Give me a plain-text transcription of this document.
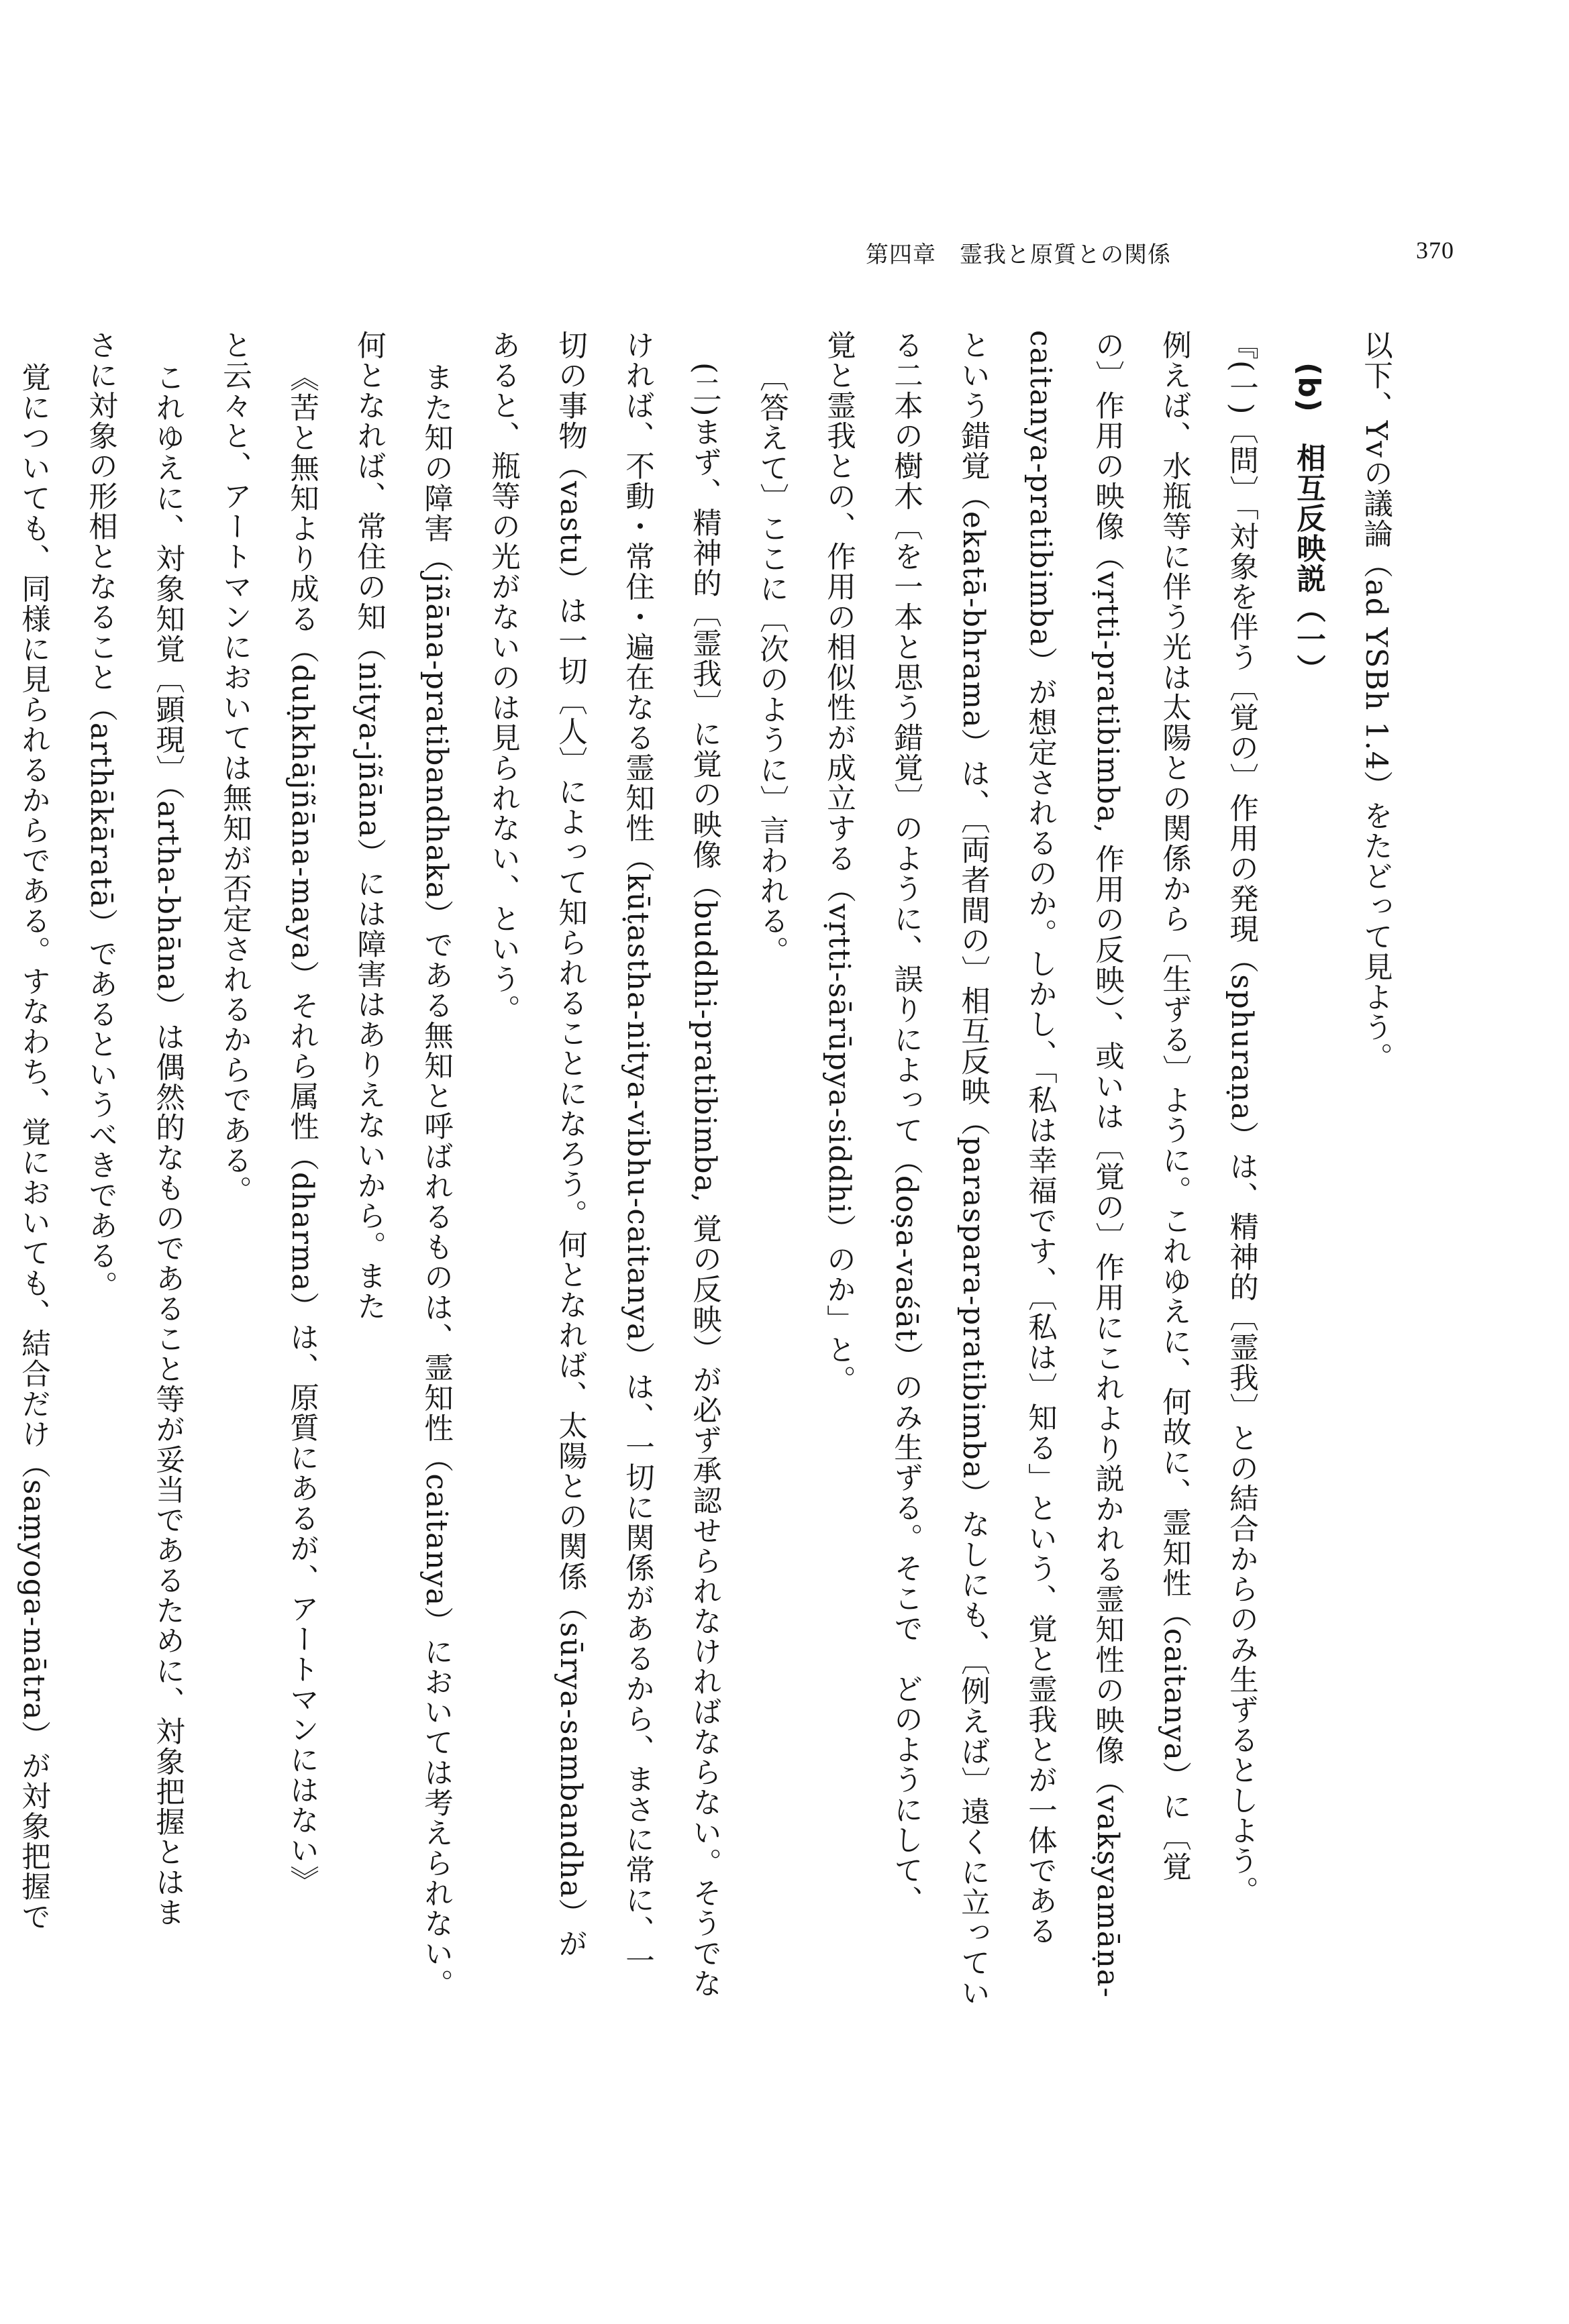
第四章　霊我と原質との関係	370
以下、Yvの議論（ad YSBh 1.4）をたどって見よう。
(b)　相互反映説（一）
『(一)〔問〕「対象を伴う〔覚の〕作用の発現（sphuraṇa）は、精神的〔霊我〕との結合からのみ生ずるとしよう。
例えば、水瓶等に伴う光は太陽との関係から〔生ずる〕ように。これゆえに、何故に、霊知性（caitanya）に〔覚
の〕作用の映像（vṛtti-pratibimba, 作用の反映）、或いは〔覚の〕作用にこれより説かれる霊知性の映像（vakṣyamāṇa-
caitanya-pratibimba）が想定されるのか。しかし、「私は幸福です、〔私は〕知る」という、覚と霊我とが一体である
という錯覚（ekatā-bhrama）は、〔両者間の〕相互反映（paraspara-pratibimba）なしにも、〔例えば〕遠くに立ってい
る二本の樹木〔を一本と思う錯覚〕のように、誤りによって（doṣa-vaśāt）のみ生ずる。そこで　どのようにして、
覚と霊我との、作用の相似性が成立する（vṛtti-sārūpya-siddhi）のか」と。
〔答えて〕ここに〔次のように〕言われる。
(二)まず、精神的〔霊我〕に覚の映像（buddhi-pratibimba, 覚の反映）が必ず承認せられなければならない。そうでな
ければ、不動・常住・遍在なる霊知性（kūṭastha-nitya-vibhu-caitanya）は、一切に関係があるから、まさに常に、一
切の事物（vastu）は一切〔人〕によって知られることになろう。何となれば、太陽との関係（sūrya-sambandha）が
あると、瓶等の光がないのは見られない、という。
また知の障害（jñāna-pratibandhaka）である無知と呼ばれるものは、霊知性（caitanya）においては考えられない。
何となれば、常住の知（nitya-jñāna）には障害はありえないから。また
《苦と無知より成る（duḥkhājñāna-maya）それら属性（dharma）は、原質にあるが、アートマンにはない》
と云々と、アートマンにおいては無知が否定されるからである。
これゆえに、対象知覚〔顕現〕（artha-bhāna）は偶然的なものであること等が妥当であるために、対象把握とはま
さに対象の形相となること（arthākāratā）であるというべきである。
覚についても、同様に見られるからである。すなわち、覚においても、結合だけ（saṃyoga-mātra）が対象把握で
